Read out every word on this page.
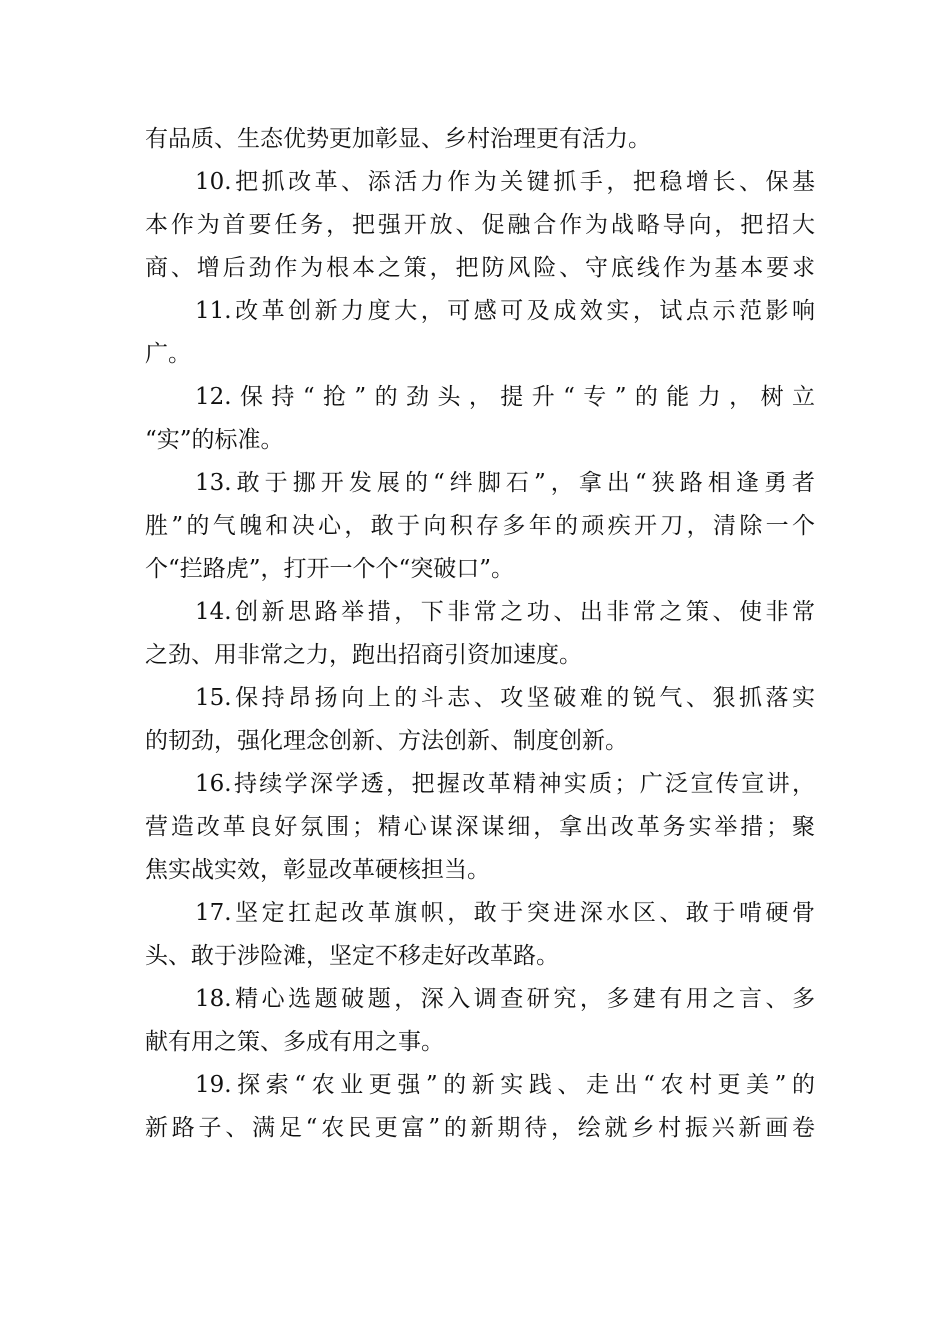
有品质、生态优势更加彰显、乡村治理更有活力。
10.把抓改革、添活力作为关键抓手，把稳增长、保基
本作为首要任务，把强开放、促融合作为战略导向，把招大
商、增后劲作为根本之策，把防风险、守底线作为基本要求
11.改革创新力度大，可感可及成效实，试点示范影响
广。
12.保持“抢”的劲头，提升“专”的能力，树立
“实”的标准。
13.敢于挪开发展的“绊脚石”，拿出“狭路相逢勇者
胜”的气魄和决心，敢于向积存多年的顽疾开刀，清除一个
个“拦路虎”，打开一个个“突破口”。
14.创新思路举措，下非常之功、出非常之策、使非常
之劲、用非常之力，跑出招商引资加速度。
15.保持昂扬向上的斗志、攻坚破难的锐气、狠抓落实
的韧劲，强化理念创新、方法创新、制度创新。
16.持续学深学透，把握改革精神实质；广泛宣传宣讲，
营造改革良好氛围；精心谋深谋细，拿出改革务实举措；聚
焦实战实效，彰显改革硬核担当。
17.坚定扛起改革旗帜，敢于突进深水区、敢于啃硬骨
头、敢于涉险滩，坚定不移走好改革路。
18.精心选题破题，深入调查研究，多建有用之言、多
献有用之策、多成有用之事。
19.探索“农业更强”的新实践、走出“农村更美”的
新路子、满足“农民更富”的新期待，绘就乡村振兴新画卷
